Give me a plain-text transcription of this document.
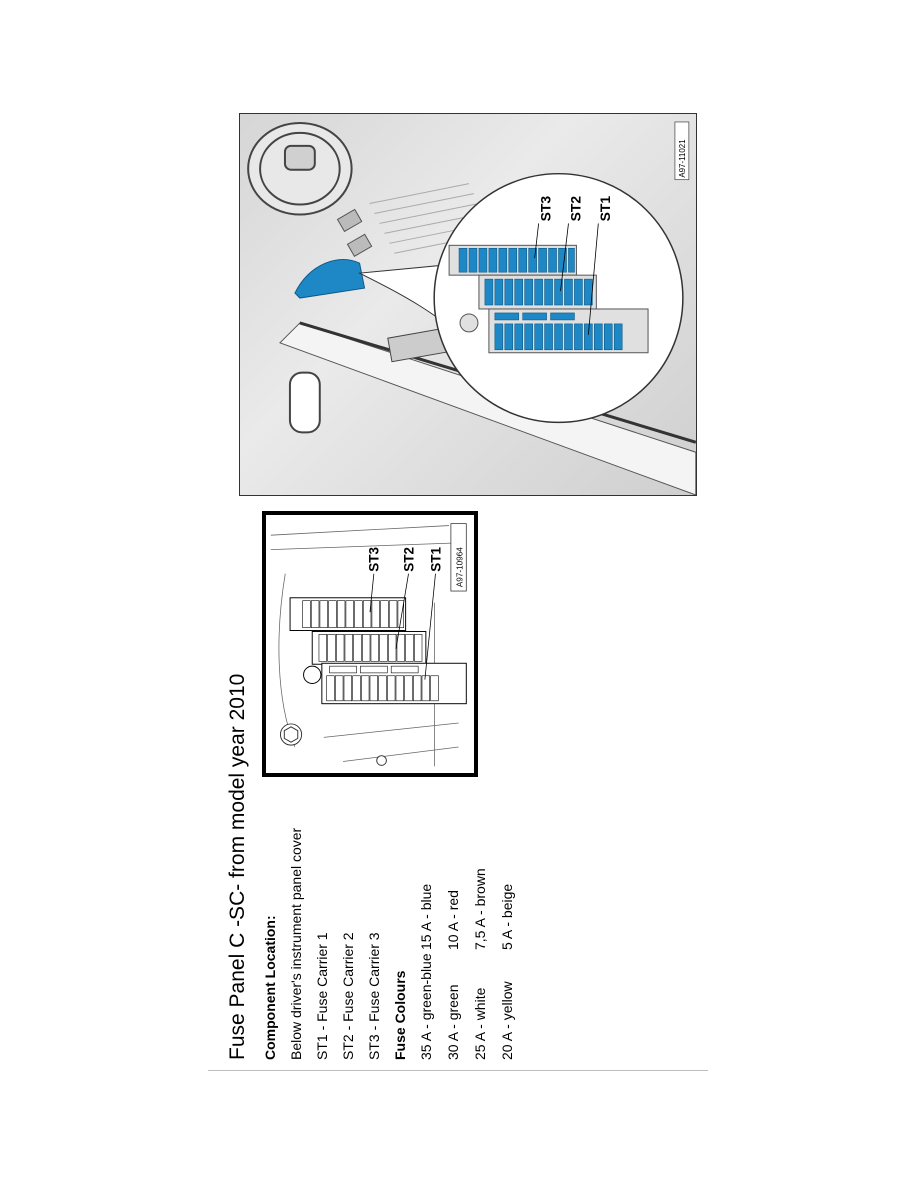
Fuse Panel C -SC- from model year 2010 Component Location: Below driver's instrument panel cover ST1 - Fuse Carrier 1 ST2 - Fuse Carrier 2 ST3 - Fuse Carrier 3 Fuse Colours 35 A - green-blue
15 A - blue
30 A - green
10 A - red
25 A - white
7,5 A - brown
20 A - yellow
5 A - beige
ST3 ST2 ST1 A97-10964
ST3 ST2 ST1
A97-11021
